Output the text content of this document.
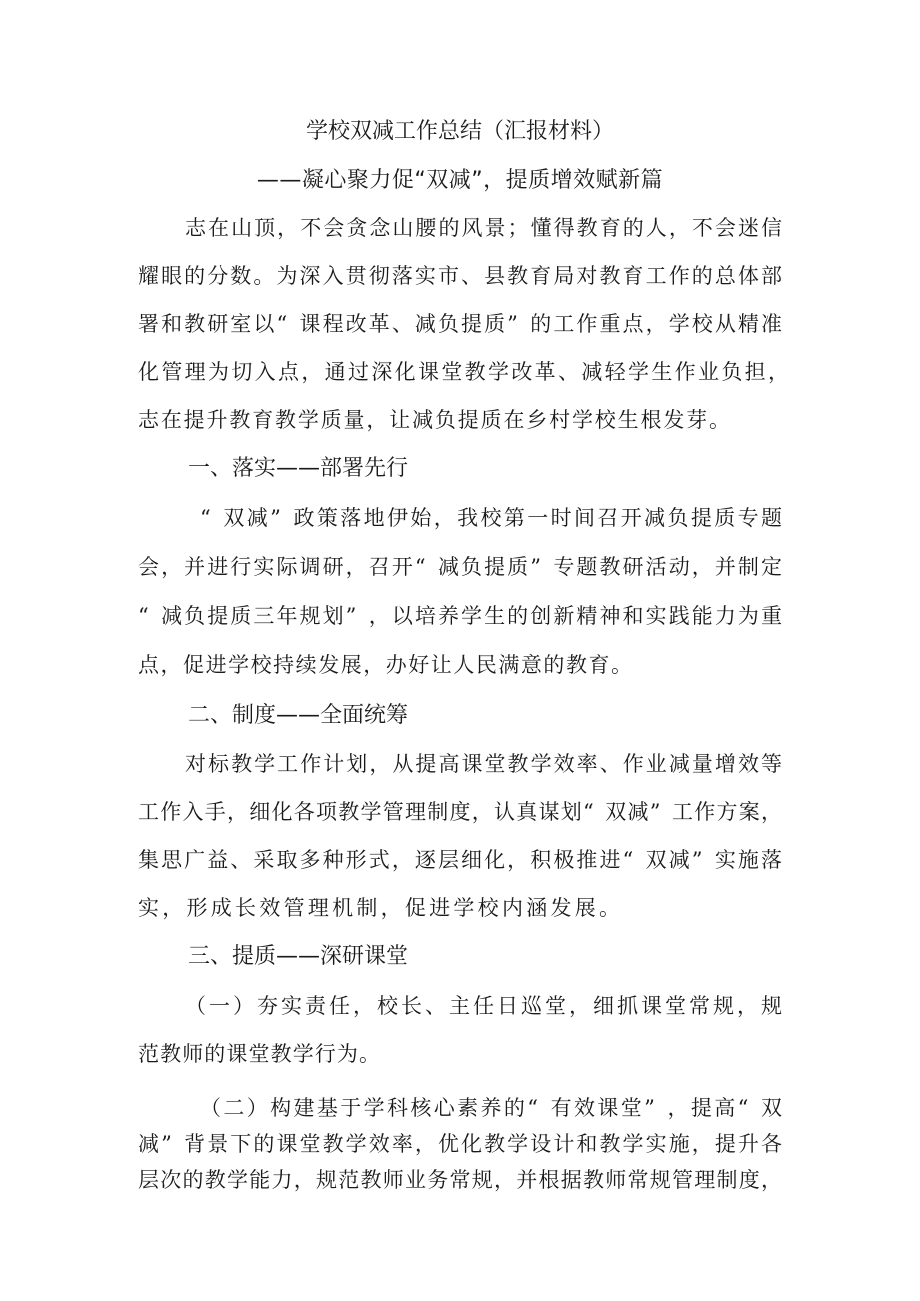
学校双减工作总结（汇报材料）
——凝心聚力促“双减”，提质增效赋新篇
志 在 山 顶 ， 不 会 贪 念 山 腰 的 风 景 ； 懂 得 教 育 的 人 ， 不 会 迷 信
耀 眼 的 分 数 。 为 深 入 贯 彻 落 实 市 、 县 教 育 局 对 教 育 工 作 的 总 体 部
署 和 教 研 室 以 “ 课 程 改 革 、 减 负 提 质 ” 的 工 作 重 点 ， 学 校 从 精 准
化 管 理 为 切 入 点 ， 通 过 深 化 课 堂 教 学 改 革 、 减 轻 学 生 作 业 负 担 ，
志 在 提 升 教 育 教 学 质 量 ， 让 减 负 提 质 在 乡 村 学 校 生 根 发 芽 。
一、落实——部署先行
“ 双 减 ” 政 策 落 地 伊 始 ， 我 校 第 一 时 间 召 开 减 负 提 质 专 题
会 ， 并 进 行 实 际 调 研 ， 召 开 “ 减 负 提 质 ” 专 题 教 研 活 动 ， 并 制 定
“ 减 负 提 质 三 年 规 划 ” ， 以 培 养 学 生 的 创 新 精 神 和 实 践 能 力 为 重
点 ， 促 进 学 校 持 续 发 展 ， 办 好 让 人 民 满 意 的 教 育 。
二、制度——全面统筹
对 标 教 学 工 作 计 划 ， 从 提 高 课 堂 教 学 效 率 、 作 业 减 量 增 效 等
工 作 入 手 ， 细 化 各 项 教 学 管 理 制 度 ， 认 真 谋 划 “ 双 减 ” 工 作 方 案 ，
集 思 广 益 、 采 取 多 种 形 式 ， 逐 层 细 化 ， 积 极 推 进 “ 双 减 ” 实 施 落
实 ， 形 成 长 效 管 理 机 制 ， 促 进 学 校 内 涵 发 展 。
三、提质——深研课堂
（ 一 ） 夯 实 责 任 ， 校 长 、 主 任 日 巡 堂 ， 细 抓 课 堂 常 规 ， 规
范 教 师 的 课 堂 教 学 行 为 。
（ 二 ） 构 建 基 于 学 科 核 心 素 养 的 “ 有 效 课 堂 ” ， 提 高 “ 双
减 ” 背 景 下 的 课 堂 教 学 效 率 ， 优 化 教 学 设 计 和 教 学 实 施 ， 提 升 各
层 次 的 教 学 能 力 ， 规 范 教 师 业 务 常 规 ， 并 根 据 教 师 常 规 管 理 制 度 ，
